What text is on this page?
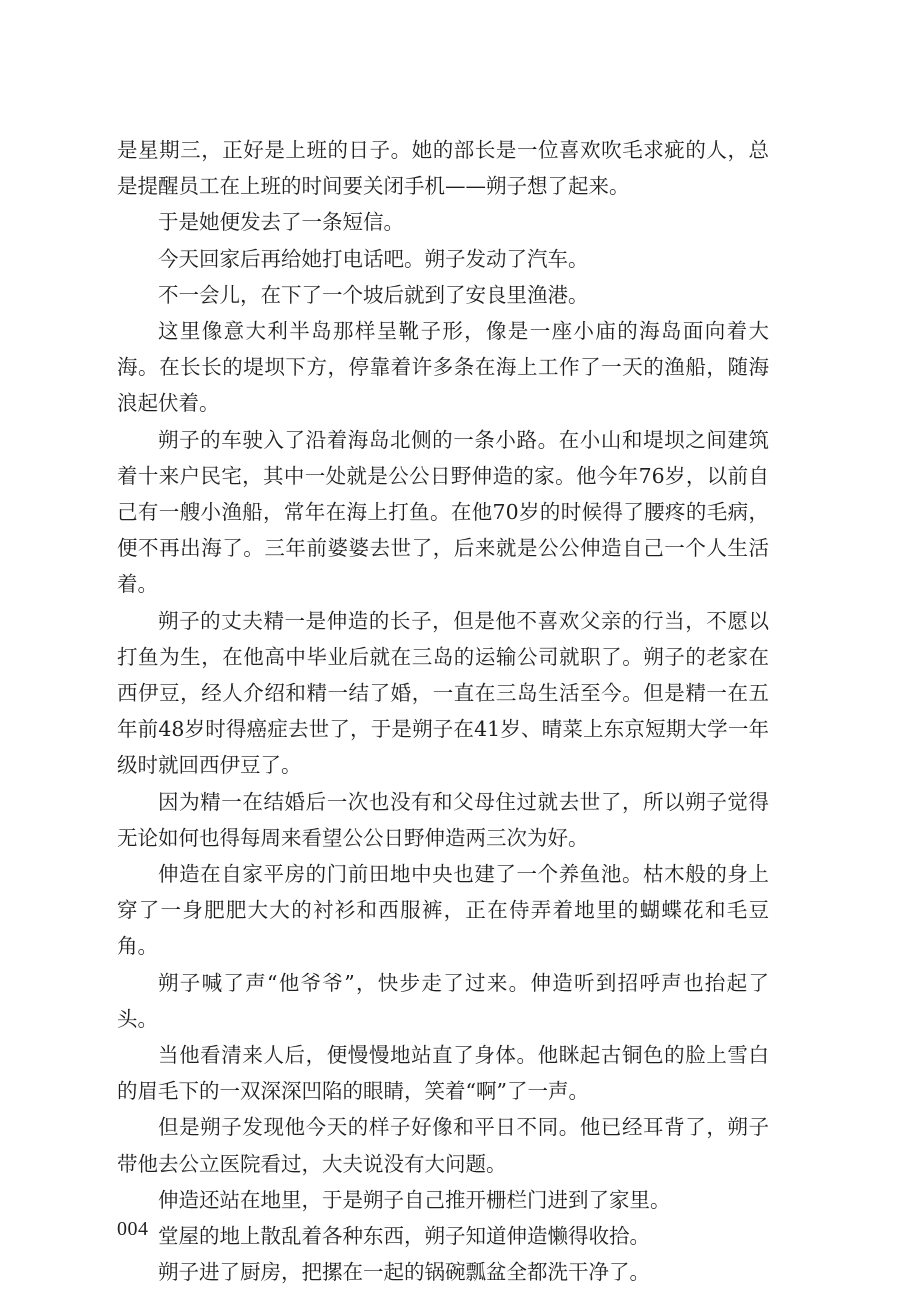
是星期三，正好是上班的日子。她的部长是一位喜欢吹毛求疵的人，总是提醒员工在上班的时间要关闭手机——朔子想了起来。

于是她便发去了一条短信。

今天回家后再给她打电话吧。朔子发动了汽车。

不一会儿，在下了一个坡后就到了安良里渔港。

这里像意大利半岛那样呈靴子形，像是一座小庙的海岛面向着大海。在长长的堤坝下方，停靠着许多条在海上工作了一天的渔船，随海浪起伏着。

朔子的车驶入了沿着海岛北侧的一条小路。在小山和堤坝之间建筑着十来户民宅，其中一处就是公公日野伸造的家。他今年76岁，以前自己有一艘小渔船，常年在海上打鱼。在他70岁的时候得了腰疼的毛病，便不再出海了。三年前婆婆去世了，后来就是公公伸造自己一个人生活着。

朔子的丈夫精一是伸造的长子，但是他不喜欢父亲的行当，不愿以打鱼为生，在他高中毕业后就在三岛的运输公司就职了。朔子的老家在西伊豆，经人介绍和精一结了婚，一直在三岛生活至今。但是精一在五年前48岁时得癌症去世了，于是朔子在41岁、晴菜上东京短期大学一年级时就回西伊豆了。

因为精一在结婚后一次也没有和父母住过就去世了，所以朔子觉得无论如何也得每周来看望公公日野伸造两三次为好。

伸造在自家平房的门前田地中央也建了一个养鱼池。枯木般的身上穿了一身肥肥大大的衬衫和西服裤，正在侍弄着地里的蝴蝶花和毛豆角。

朔子喊了声“他爷爷”，快步走了过来。伸造听到招呼声也抬起了头。

当他看清来人后，便慢慢地站直了身体。他眯起古铜色的脸上雪白的眉毛下的一双深深凹陷的眼睛，笑着“啊”了一声。

但是朔子发现他今天的样子好像和平日不同。他已经耳背了，朔子带他去公立医院看过，大夫说没有大问题。

伸造还站在地里，于是朔子自己推开栅栏门进到了家里。

堂屋的地上散乱着各种东西，朔子知道伸造懒得收拾。

朔子进了厨房，把摞在一起的锅碗瓢盆全都洗干净了。

004
